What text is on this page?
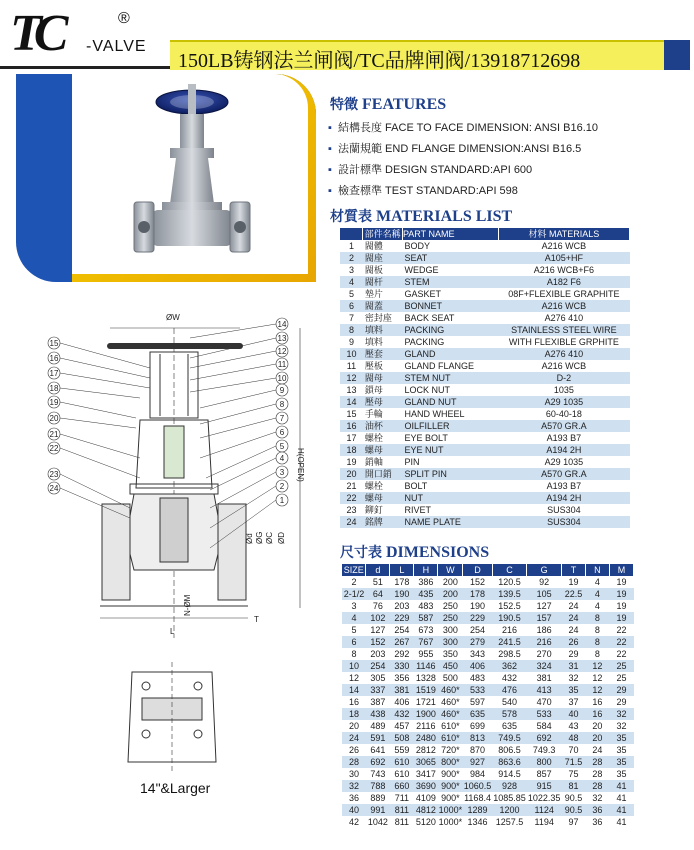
TC	®
-VALVE
150LB铸钢法兰闸阀/TC品牌闸阀/13918712698
特徵 FEATURES
▪ 結構長度 FACE TO FACE DIMENSION: ANSI B16.10
▪ 法蘭規範 END FLANGE DIMENSION:ANSI B16.5
▪ 設計標準 DESIGN STANDARD:API 600
▪ 檢查標準 TEST STANDARD:API 598
材質表 MATERIALS LIST
	部件名稱	PART NAME	材料 MATERIALS
1	閥體	BODY	A216 WCB
2	閥座	SEAT	A105+HF
3	閥板	WEDGE	A216 WCB+F6
4	閥杆	STEM	A182 F6
5	墊片	GASKET	08F+FLEXIBLE GRAPHITE
6	閥蓋	BONNET	A216 WCB
7	密封座	BACK SEAT	A276 410
8	填料	PACKING	STAINLESS STEEL WIRE
9	填料	PACKING	WITH FLEXIBLE GRPHITE
10	壓套	GLAND	A276 410
11	壓板	GLAND FLANGE	A216 WCB
12	閥母	STEM NUT	D-2
13	鎖母	LOCK NUT	1035
14	壓母	GLAND NUT	A29 1035
15	手輪	HAND WHEEL	60-40-18
16	油杯	OILFILLER	A570 GR.A
17	螺栓	EYE BOLT	A193 B7
18	螺母	EYE NUT	A194 2H
19	銷軸	PIN	A29 1035
20	開口銷	SPLIT PIN	A570 GR.A
21	螺栓	BOLT	A193 B7
22	螺母	NUT	A194 2H
23	鉚釘	RIVET	SUS304
24	銘牌	NAME PLATE	SUS304
尺寸表 DIMENSIONS
SIZE	d	L	H	W	D	C	G	T	N	M
2	51	178	386	200	152	120.5	92	19	4	19
2-1/2	64	190	435	200	178	139.5	105	22.5	4	19
3	76	203	483	250	190	152.5	127	24	4	19
4	102	229	587	250	229	190.5	157	24	8	19
5	127	254	673	300	254	216	186	24	8	22
6	152	267	767	300	279	241.5	216	26	8	22
8	203	292	955	350	343	298.5	270	29	8	22
10	254	330	1146	450	406	362	324	31	12	25
12	305	356	1328	500	483	432	381	32	12	25
14	337	381	1519	460*	533	476	413	35	12	29
16	387	406	1721	460*	597	540	470	37	16	29
18	438	432	1900	460*	635	578	533	40	16	32
20	489	457	2116	610*	699	635	584	43	20	32
24	591	508	2480	610*	813	749.5	692	48	20	35
26	641	559	2812	720*	870	806.5	749.3	70	24	35
28	692	610	3065	800*	927	863.6	800	71.5	28	35
30	743	610	3417	900*	984	914.5	857	75	28	35
32	788	660	3690	900*	1060.5	928	915	81	28	41
36	889	711	4109	900*	1168.4	1085.85	1022.35	90.5	32	41
40	991	811	4812	1000*	1289	1200	1124	90.5	36	41
42	1042	811	5120	1000*	1346	1257.5	1194	97	36	41
ØW
H(OPEN)
L
T
N-ØM
Ød ØG ØC ØD
15
16
17
18
19
20
21
22
23
24
14
13
12
11
10
9
8
7
6
5
4
3
2
1
14"&Larger
